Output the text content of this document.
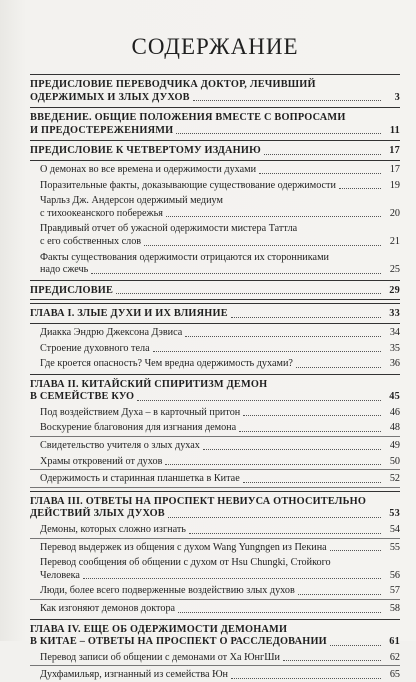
СОДЕРЖАНИЕ
ПРЕДИСЛОВИЕ ПЕРЕВОДЧИКА ДОКТОР, ЛЕЧИВШИЙ
ОДЕРЖИМЫХ И ЗЛЫХ ДУХОВ	3
ВВЕДЕНИЕ. ОБЩИЕ ПОЛОЖЕНИЯ ВМЕСТЕ С ВОПРОСАМИ
И ПРЕДОСТЕРЕЖЕНИЯМИ	11
ПРЕДИСЛОВИЕ К ЧЕТВЕРТОМУ ИЗДАНИЮ	17
О демонах во все времена и одержимости духами	17
Поразительные факты, доказывающие существование одержимости	19
Чарльз Дж. Андерсон одержимый медиум
с тихоокеанского побережья	20
Правдивый отчет об ужасной одержимости мистера Таттла
с его собственных слов	21
Факты существования одержимости отрицаются их сторонниками
надо сжечь	25
ПРЕДИСЛОВИЕ	29
ГЛАВА I. ЗЛЫЕ ДУХИ И ИХ ВЛИЯНИЕ	33
Диакка Эндрю Джексона Дэвиса	34
Строение духовного тела	35
Где кроется опасность? Чем вредна одержимость духами?	36
ГЛАВА II. КИТАЙСКИЙ СПИРИТИЗМ ДЕМОН
В СЕМЕЙСТВЕ КУО	45
Под воздействием Духа – в карточный притон	46
Воскурение благовония для изгнания демона	48
Свидетельство учителя о злых духах	49
Храмы откровений от духов	50
Одержимость и старинная планшетка в Китае	52
ГЛАВА III. ОТВЕТЫ НА ПРОСПЕКТ НЕВИУСА ОТНОСИТЕЛЬНО
ДЕЙСТВИЙ ЗЛЫХ ДУХОВ	53
Демоны, которых сложно изгнать	54
Перевод выдержек из общения с духом Wang Yungngen из Пекина	55
Перевод сообщения об общении с духом от Hsu Chungki, Стойкого
Человека	56
Люди, более всего подверженные воздействию злых духов	57
Как изгоняют демонов доктора	58
ГЛАВА IV. ЕЩЕ ОБ ОДЕРЖИМОСТИ ДЕМОНАМИ
В КИТАЕ – ОТВЕТЫ НА ПРОСПЕКТ О РАССЛЕДОВАНИИ	61
Перевод записи об общении с демонами от Ха ЮнгШи	62
Духфамильяр, изгнанный из семейства Юн	65
